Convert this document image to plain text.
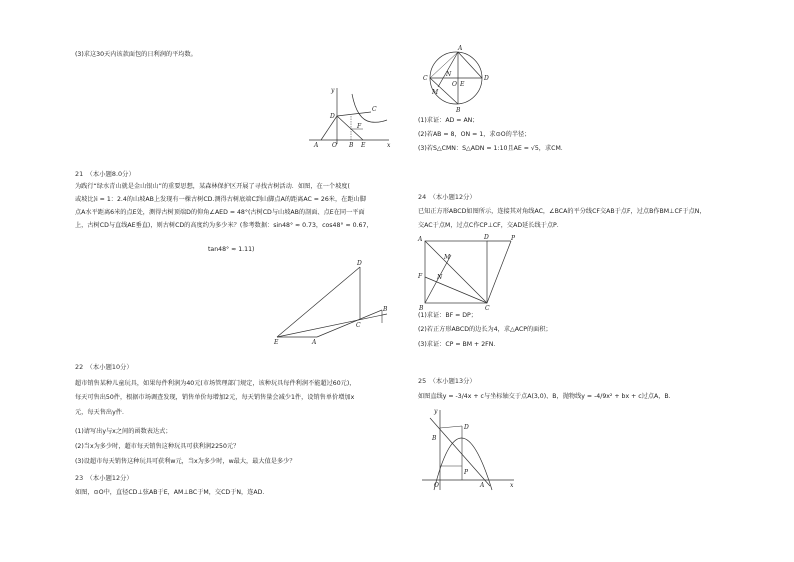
(3)求这30天内该款面包的日利润的平均数。
y
D
C
F
A O B E	x
21　（本小题8.0分）
为践行“绿水青山就是金山银山”的重要思想，某森林保护区开展了寻找古树活动．如图，在一个坡度(
或坡比)i = 1：2.4的山坡AB上发现有一棵古树CD.测得古树底端C到山脚点A的距离AC = 26米，在距山脚
点A水平距离6米的点E处，测得古树顶端D的仰角∠AED = 48°(古树CD与山坡AB的剖面、点E在同一平面
上，古树CD与直线AE垂直)，则古树CD的高度约为多少米？(参考数据：sin48° ≈ 0.73，cos48° ≈ 0.67，
tan48° ≈ 1.11)
D
B
C
E	A
22　（本小题10分）
超市销售某种儿童玩具，如果每件利润为40元(市场管理部门规定，该种玩具每件利润不能超过60元)，
每天可售出50件，根据市场调查发现，销售单价每增加2元，每天销售量会减少1件，设销售单价增加x
元，每天售出y件．
(1)请写出y与x之间的函数表达式；
(2)当x为多少时，超市每天销售这种玩具可获利润2250元？
(3)设超市每天销售这种玩具可获利w元，当x为多少时，w最大，最大值是多少？
23　（本小题12分）
如图，⊙O中，直径CD⊥弦AB于E，AM⊥BC于M，交CD于N，连AD．
A
C	D
M
N
O E
B
(1)求证：AD = AN；
(2)若AB = 8，ON = 1，求⊙O的半径；
(3)若S△CMN：S△ADN = 1:10且AE = √5，求CM．
24　（本小题12分）
已知正方形ABCD如图所示，连接其对角线AC，∠BCA的平分线CF交AB于点F，过点B作BM⊥CF于点N，
交AC于点M，过点C作CP⊥CF，交AD延长线于点P．
A	D	P
M
F N
B	C
(1)求证：BF = DP；
(2)若正方形ABCD的边长为4，求△ACP的面积；
(3)求证：CP = BM + 2FN．
25　（本小题13分）
如图直线y = -3/4x + c与坐标轴交于点A(3,0)、B，抛物线y = -4/9x² + bx + c过点A，B．
y
B
D
P
O	A	x
